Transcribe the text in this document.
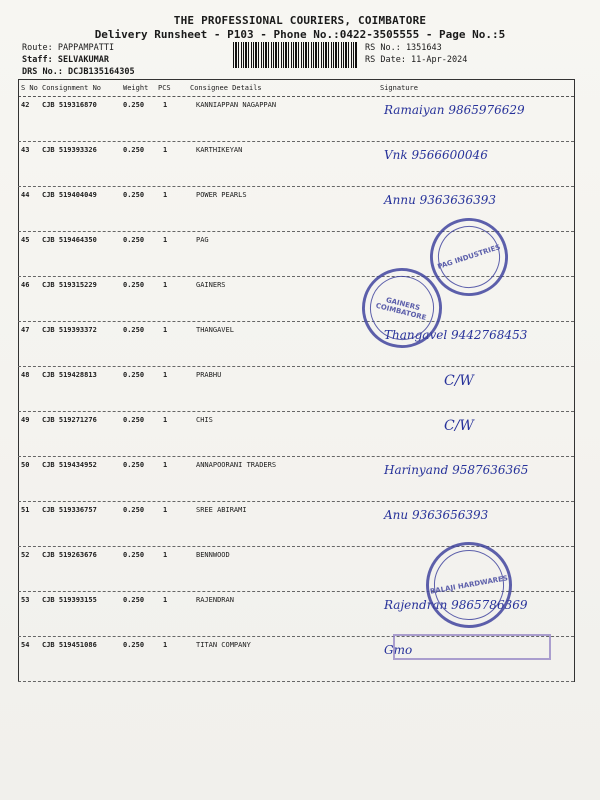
THE PROFESSIONAL COURIERS, COIMBATORE
Delivery Runsheet - P103 - Phone No.:0422-3505555 - Page No.:5
Route: PAPPAMPATTI
Staff: SELVAKUMAR
DRS No.: DCJB135164305
RS No.: 1351643
RS Date: 11-Apr-2024
S No Consignment No	Weight PCS	Consignee Details	Signature
42 CJB 519316870	0.250	1	KANNIAPPAN NAGAPPAN	Ramaiyan 9865976629
43 CJB 519393326	0.250	1	KARTHIKEYAN	Vnk 9566600046
44 CJB 519404049	0.250	1	POWER PEARLS	Annu 9363636393
45 CJB 519464350	0.250	1	PAG
46 CJB 519315229	0.250	1	GAINERS
47 CJB 519393372	0.250	1	THANGAVEL	Thangavel 9442768453
48 CJB 519428813	0.250	1	PRABHU	C/W
49 CJB 519271276	0.250	1	CHIS	C/W
50 CJB 519434952	0.250	1	ANNAPOORANI TRADERS	Harinyand 9587636365
51 CJB 519336757	0.250	1	SREE ABIRAMI	Anu 9363656393
52 CJB 519263676	0.250	1	BENNWOOD
53 CJB 519393155	0.250	1	RAJENDRAN	Rajendran 9865786369
54 CJB 519451086	0.250	1	TITAN COMPANY	Gmo
PAG INDUSTRIES
GAINERS COIMBATORE
BALAJI HARDWARES
